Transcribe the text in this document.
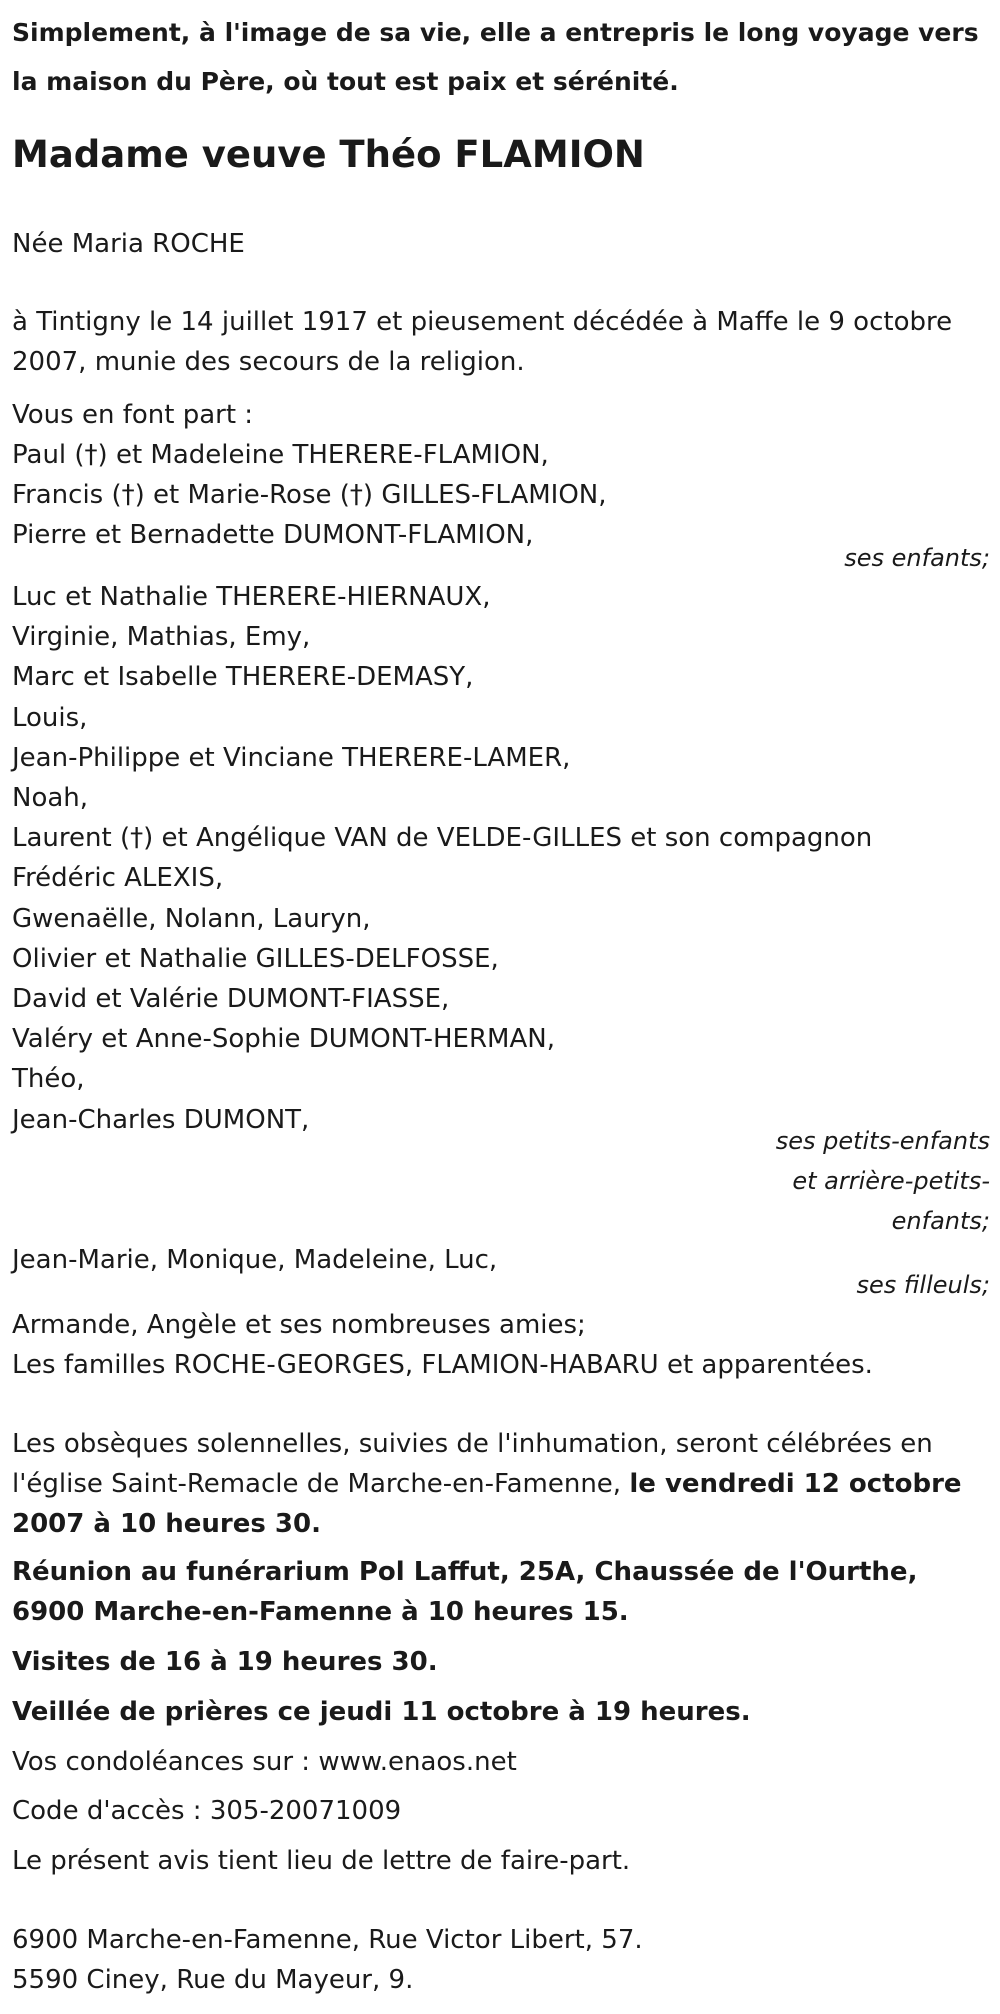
Simplement, à l'image de sa vie, elle a entrepris le long voyage vers la maison du Père, où tout est paix et sérénité.

Madame veuve Théo FLAMION

Née Maria ROCHE

à Tintigny le 14 juillet 1917 et pieusement décédée à Maffe le 9 octobre 2007, munie des secours de la religion.

Vous en font part :

Paul (†) et Madeleine THERERE-FLAMION,

Francis (†) et Marie-Rose (†) GILLES-FLAMION,

Pierre et Bernadette DUMONT-FLAMION,

ses enfants;

Luc et Nathalie THERERE-HIERNAUX,

Virginie, Mathias, Emy,

Marc et Isabelle THERERE-DEMASY,

Louis,

Jean-Philippe et Vinciane THERERE-LAMER,

Noah,

Laurent (†) et Angélique VAN de VELDE-GILLES et son compagnon

Frédéric ALEXIS,

Gwenaëlle, Nolann, Lauryn,

Olivier et Nathalie GILLES-DELFOSSE,

David et Valérie DUMONT-FIASSE,

Valéry et Anne-Sophie DUMONT-HERMAN,

Théo,

Jean-Charles DUMONT,

ses petits-enfants
et arrière-petits-
enfants;

Jean-Marie, Monique, Madeleine, Luc,

ses filleuls;

Armande, Angèle et ses nombreuses amies;

Les familles ROCHE-GEORGES, FLAMION-HABARU et apparentées.

Les obsèques solennelles, suivies de l'inhumation, seront célébrées en l'église Saint-Remacle de Marche-en-Famenne, le vendredi 12 octobre 2007 à 10 heures 30.

Réunion au funérarium Pol Laffut, 25A, Chaussée de l'Ourthe, 6900 Marche-en-Famenne à 10 heures 15.

Visites de 16 à 19 heures 30.

Veillée de prières ce jeudi 11 octobre à 19 heures.

Vos condoléances sur : www.enaos.net

Code d'accès : 305-20071009

Le présent avis tient lieu de lettre de faire-part.

6900 Marche-en-Famenne, Rue Victor Libert, 57.

5590 Ciney, Rue du Mayeur, 9.
